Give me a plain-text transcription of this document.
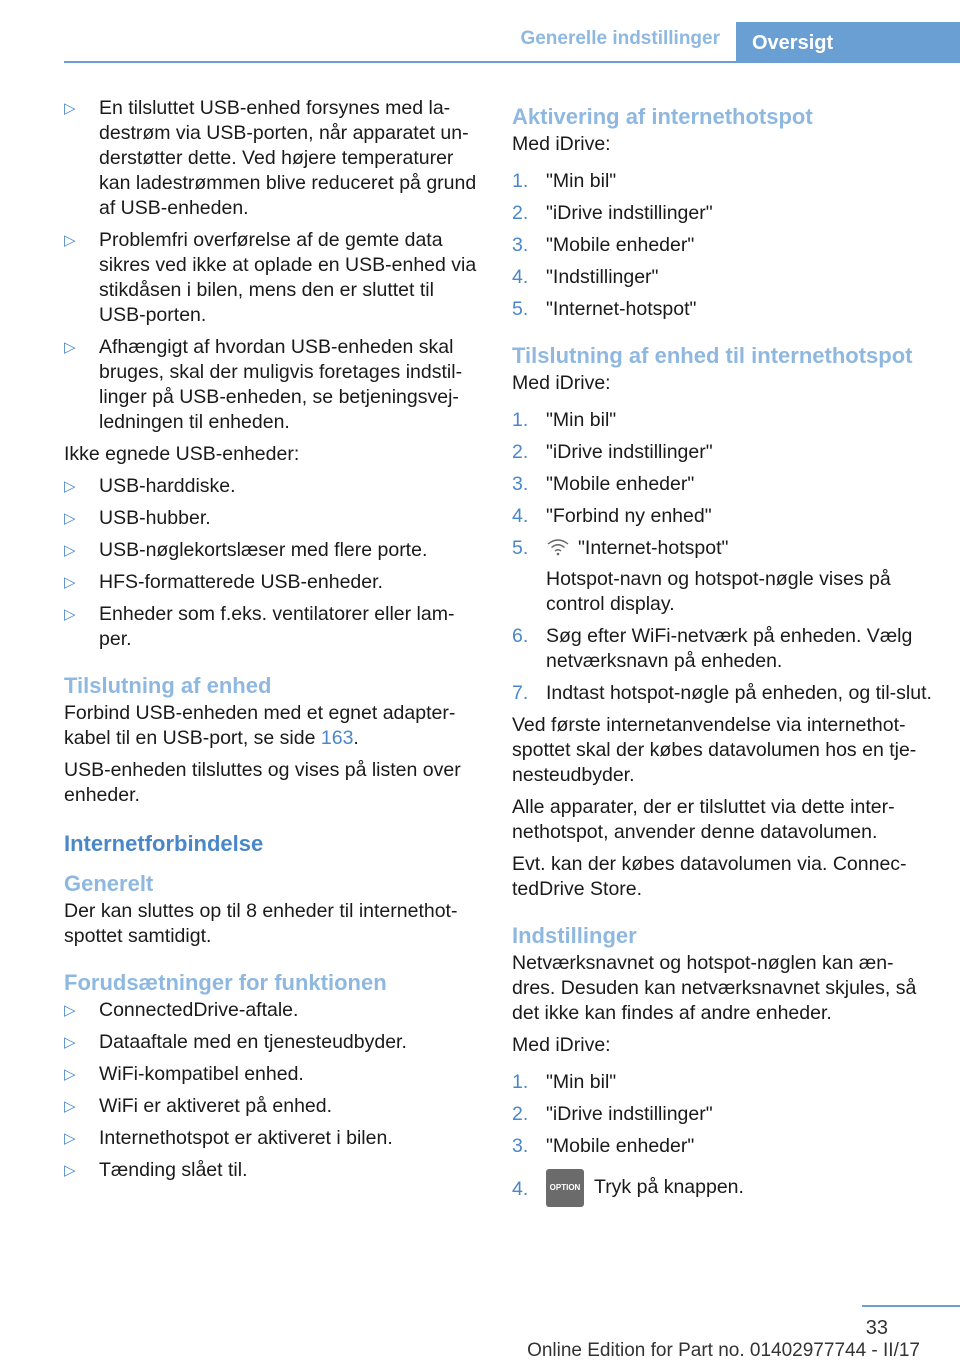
Generelle indstillinger	Oversigt
▷ En tilsluttet USB-enhed forsynes med la‐destrøm via USB-porten, når apparatet un‐derstøtter dette. Ved højere temperaturer kan ladestrømmen blive reduceret på grund af USB-enheden.
▷ Problemfri overførelse af de gemte data sikres ved ikke at oplade en USB-enhed via stikdåsen i bilen, mens den er sluttet til USB-porten.
▷ Afhængigt af hvordan USB-enheden skal bruges, skal der muligvis foretages indstil‐linger på USB-enheden, se betjeningsvej‐ledningen til enheden.

Ikke egnede USB-enheder:

▷ USB-harddiske.
▷ USB-hubber.
▷ USB-nøglekortslæser med flere porte.
▷ HFS-formatterede USB-enheder.
▷ Enheder som f.eks. ventilatorer eller lam‐per.
Tilslutning af enhed

Forbind USB-enheden med et egnet adapter‐kabel til en USB-port, se side 163.

USB-enheden tilsluttes og vises på listen over enheder.

Internetforbindelse
Generelt

Der kan sluttes op til 8 enheder til internethot‐spottet samtidigt.

Forudsætninger for funktionen
▷ ConnectedDrive-aftale.
▷ Dataaftale med en tjenesteudbyder.
▷ WiFi-kompatibel enhed.
▷ WiFi er aktiveret på enhed.
▷ Internethotspot er aktiveret i bilen.
▷ Tænding slået til.
Aktivering af internethotspot

Med iDrive:

1. "Min bil"
2. "iDrive indstillinger"
3. "Mobile enheder"
4. "Indstillinger"
5. "Internet-hotspot"
Tilslutning af enhed til internethotspot

Med iDrive:

1. "Min bil"
2. "iDrive indstillinger"
3. "Mobile enheder"
4. "Forbind ny enhed"
5.	"Internet-hotspot"
Hotspot-navn og hotspot-nøgle vises på control display.
6. Søg efter WiFi-netværk på enheden. Vælg netværksnavn på enheden.
7. Indtast hotspot-nøgle på enheden, og til‐slut.

Ved første internetanvendelse via internethot‐spottet skal der købes datavolumen hos en tje‐nesteudbyder.

Alle apparater, der er tilsluttet via dette inter‐nethotspot, anvender denne datavolumen.

Evt. kan der købes datavolumen via. Connec‐tedDrive Store.

Indstillinger

Netværksnavnet og hotspot-nøglen kan æn‐dres. Desuden kan netværksnavnet skjules, så det ikke kan findes af andre enheder.

Med iDrive:

1. "Min bil"
2. "iDrive indstillinger"
3. "Mobile enheder"
4.	OPTION Tryk på knappen.
33
Online Edition for Part no. 01402977744 - II/17
